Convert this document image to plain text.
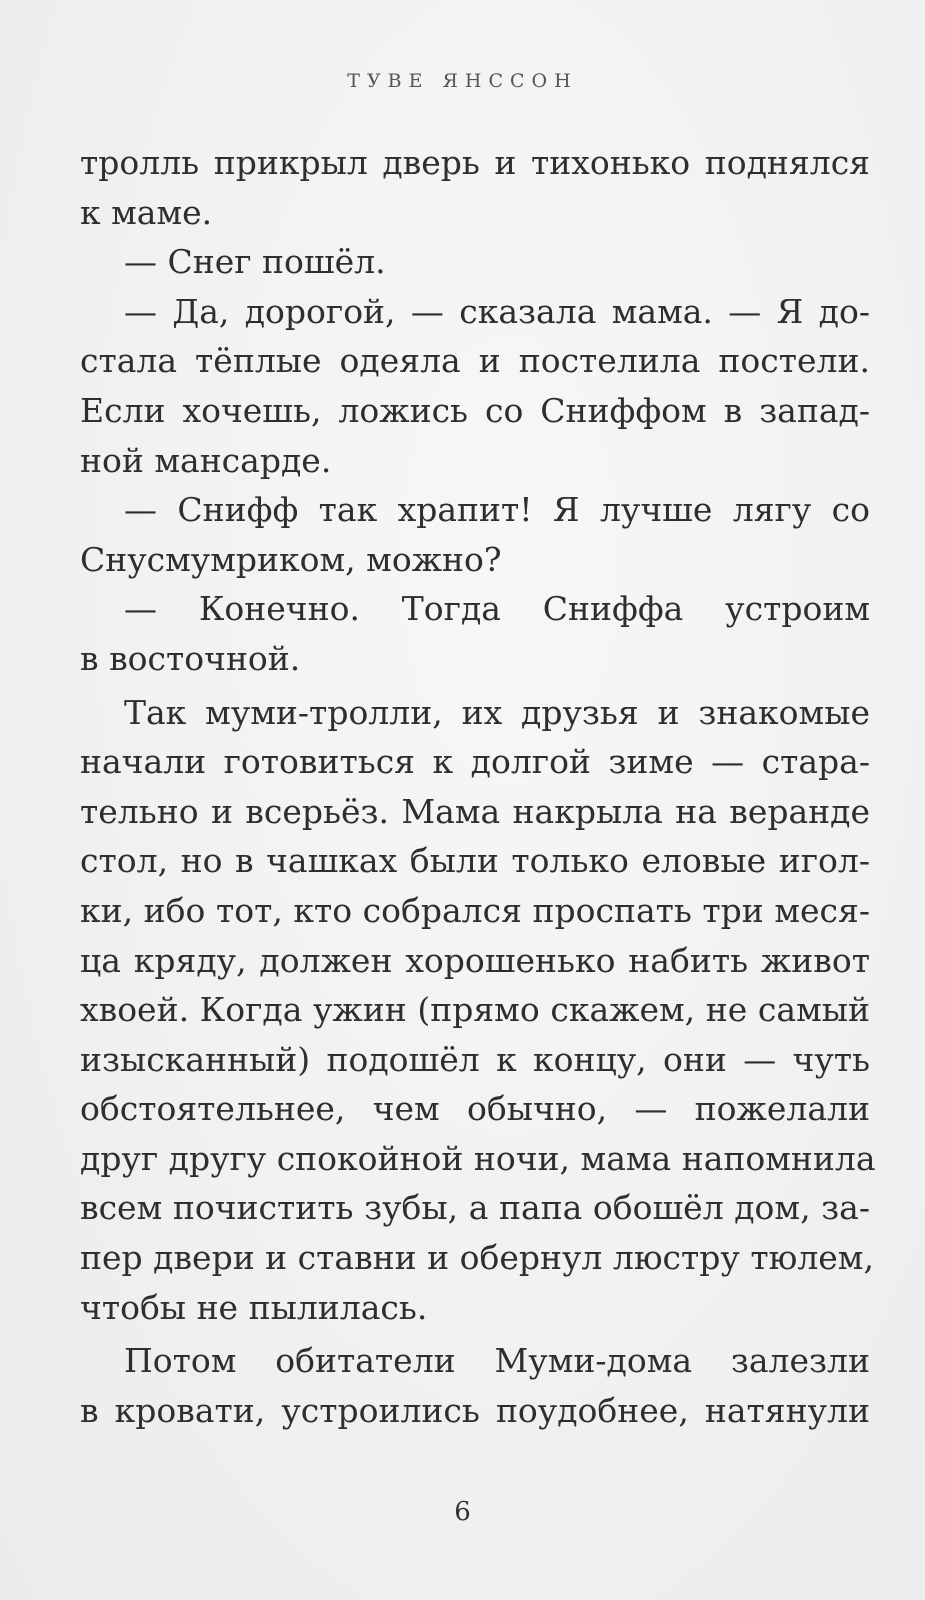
ТУВЕ ЯНССОН
тролль прикрыл дверь и тихонько поднялся
к маме.
— Снег пошёл.
— Да, дорогой, — сказала мама. — Я до-
стала тёплые одеяла и постелила постели.
Если хочешь, ложись со Сниффом в запад-
ной мансарде.
— Снифф так храпит! Я лучше лягу со
Снусмумриком, можно?
— Конечно. Тогда Сниффа устроим
в восточной.
Так муми-тролли, их друзья и знакомые
начали готовиться к долгой зиме — стара-
тельно и всерьёз. Мама накрыла на веранде
стол, но в чашках были только еловые игол-
ки, ибо тот, кто собрался проспать три меся-
ца кряду, должен хорошенько набить живот
хвоей. Когда ужин (прямо скажем, не самый
изысканный) подошёл к концу, они — чуть
обстоятельнее, чем обычно, — пожелали
друг другу спокойной ночи, мама напомнила
всем почистить зубы, а папа обошёл дом, за-
пер двери и ставни и обернул люстру тюлем,
чтобы не пылилась.
Потом обитатели Муми-дома залезли
в кровати, устроились поудобнее, натянули
6
